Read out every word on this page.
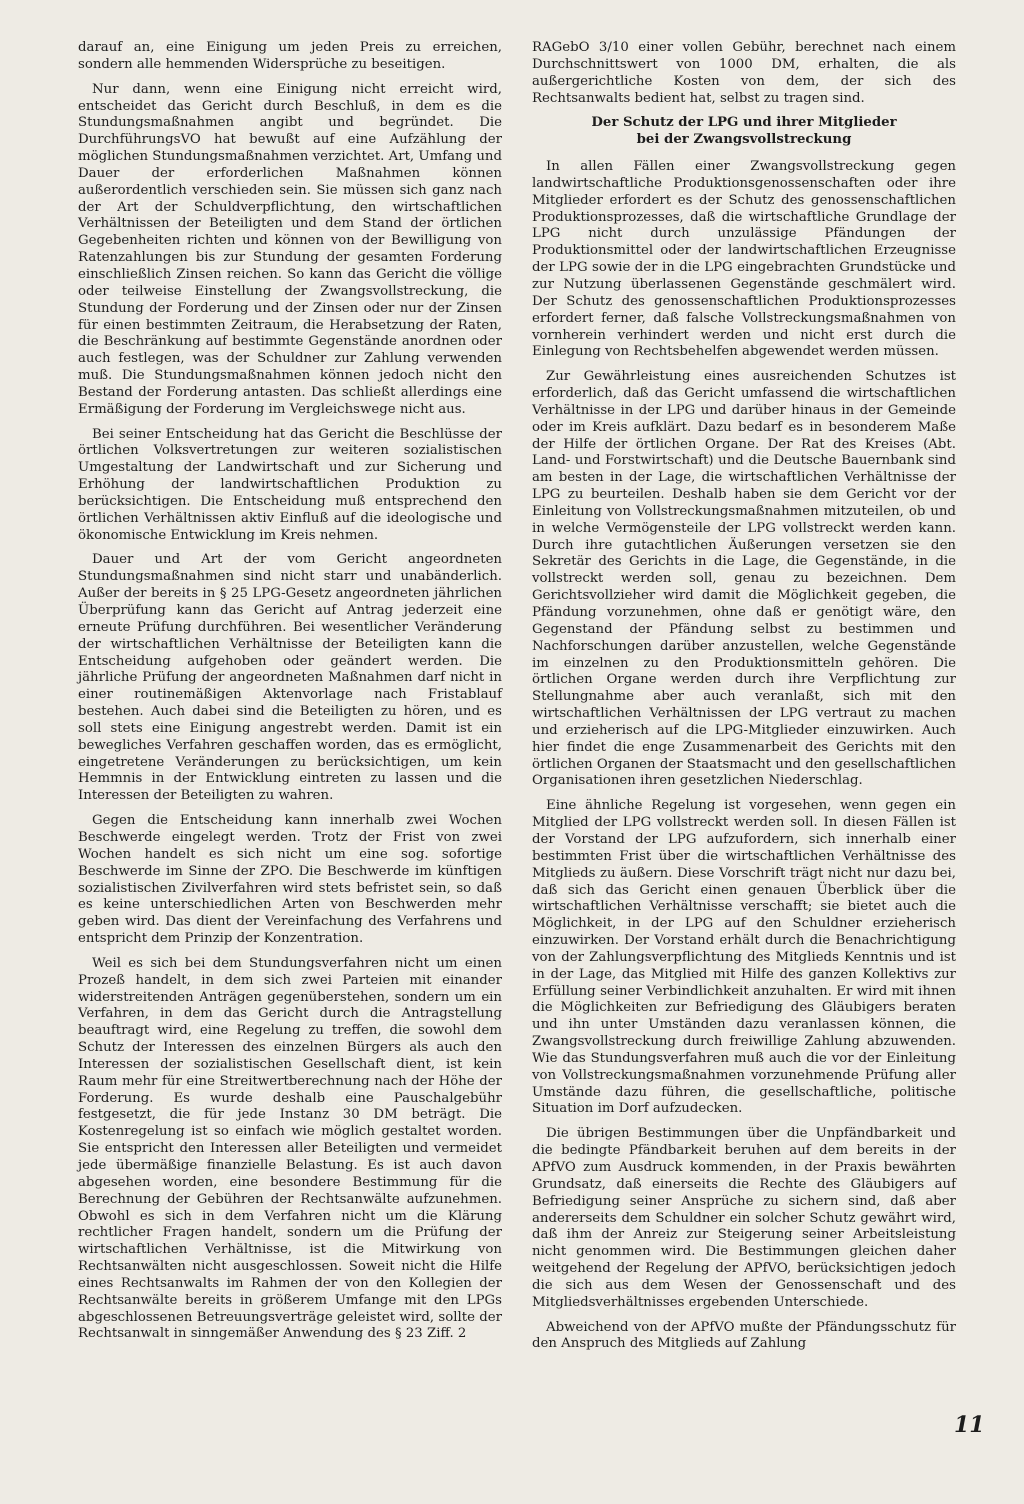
darauf an, eine Einigung um jeden Preis zu erreichen, sondern alle hemmenden Widersprüche zu beseitigen.

Nur dann, wenn eine Einigung nicht erreicht wird, entscheidet das Gericht durch Beschluß, in dem es die Stundungsmaßnahmen angibt und begründet. Die DurchführungsVO hat bewußt auf eine Aufzählung der möglichen Stundungsmaßnahmen verzichtet. Art, Umfang und Dauer der erforderlichen Maßnahmen können außerordentlich verschieden sein. Sie müssen sich ganz nach der Art der Schuldverpflichtung, den wirtschaftlichen Verhältnissen der Beteiligten und dem Stand der örtlichen Gegebenheiten richten und können von der Bewilligung von Ratenzahlungen bis zur Stundung der gesamten Forderung einschließlich Zinsen reichen. So kann das Gericht die völlige oder teilweise Einstellung der Zwangsvollstreckung, die Stundung der Forderung und der Zinsen oder nur der Zinsen für einen bestimmten Zeitraum, die Herabsetzung der Raten, die Beschränkung auf bestimmte Gegenstände anordnen oder auch festlegen, was der Schuldner zur Zahlung verwenden muß. Die Stundungsmaßnahmen können jedoch nicht den Bestand der Forderung antasten. Das schließt allerdings eine Ermäßigung der Forderung im Vergleichswege nicht aus.

Bei seiner Entscheidung hat das Gericht die Beschlüsse der örtlichen Volksvertretungen zur weiteren sozialistischen Umgestaltung der Landwirtschaft und zur Sicherung und Erhöhung der landwirtschaftlichen Produktion zu berücksichtigen. Die Entscheidung muß entsprechend den örtlichen Verhältnissen aktiv Einfluß auf die ideologische und ökonomische Entwicklung im Kreis nehmen.

Dauer und Art der vom Gericht angeordneten Stundungsmaßnahmen sind nicht starr und unabänderlich. Außer der bereits in § 25 LPG-Gesetz angeordneten jährlichen Überprüfung kann das Gericht auf Antrag jederzeit eine erneute Prüfung durchführen. Bei wesentlicher Veränderung der wirtschaftlichen Verhältnisse der Beteiligten kann die Entscheidung aufgehoben oder geändert werden. Die jährliche Prüfung der angeordneten Maßnahmen darf nicht in einer routinemäßigen Aktenvorlage nach Fristablauf bestehen. Auch dabei sind die Beteiligten zu hören, und es soll stets eine Einigung angestrebt werden. Damit ist ein bewegliches Verfahren geschaffen worden, das es ermöglicht, eingetretene Veränderungen zu berücksichtigen, um kein Hemmnis in der Entwicklung eintreten zu lassen und die Interessen der Beteiligten zu wahren.

Gegen die Entscheidung kann innerhalb zwei Wochen Beschwerde eingelegt werden. Trotz der Frist von zwei Wochen handelt es sich nicht um eine sog. sofortige Beschwerde im Sinne der ZPO. Die Beschwerde im künftigen sozialistischen Zivilverfahren wird stets befristet sein, so daß es keine unterschiedlichen Arten von Beschwerden mehr geben wird. Das dient der Vereinfachung des Verfahrens und entspricht dem Prinzip der Konzentration.

Weil es sich bei dem Stundungsverfahren nicht um einen Prozeß handelt, in dem sich zwei Parteien mit einander widerstreitenden Anträgen gegenüberstehen, sondern um ein Verfahren, in dem das Gericht durch die Antragstellung beauftragt wird, eine Regelung zu treffen, die sowohl dem Schutz der Interessen des einzelnen Bürgers als auch den Interessen der sozialistischen Gesellschaft dient, ist kein Raum mehr für eine Streitwertberechnung nach der Höhe der Forderung. Es wurde deshalb eine Pauschalgebühr festgesetzt, die für jede Instanz 30 DM beträgt. Die Kostenregelung ist so einfach wie möglich gestaltet worden. Sie entspricht den Interessen aller Beteiligten und vermeidet jede übermäßige finanzielle Belastung. Es ist auch davon abgesehen worden, eine besondere Bestimmung für die Berechnung der Gebühren der Rechtsanwälte aufzunehmen. Obwohl es sich in dem Verfahren nicht um die Klärung rechtlicher Fragen handelt, sondern um die Prüfung der wirtschaftlichen Verhältnisse, ist die Mitwirkung von Rechtsanwälten nicht ausgeschlossen. Soweit nicht die Hilfe eines Rechtsanwalts im Rahmen der von den Kollegien der Rechtsanwälte bereits in größerem Umfange mit den LPGs abgeschlossenen Betreuungsverträge geleistet wird, sollte der Rechtsanwalt in sinngemäßer Anwendung des § 23 Ziff. 2

RAGebO 3/10 einer vollen Gebühr, berechnet nach einem Durchschnittswert von 1000 DM, erhalten, die als außergerichtliche Kosten von dem, der sich des Rechtsanwalts bedient hat, selbst zu tragen sind.

Der Schutz der LPG und ihrer Mitglieder
bei der Zwangsvollstreckung

In allen Fällen einer Zwangsvollstreckung gegen landwirtschaftliche Produktionsgenossenschaften oder ihre Mitglieder erfordert es der Schutz des genossenschaftlichen Produktionsprozesses, daß die wirtschaftliche Grundlage der LPG nicht durch unzulässige Pfändungen der Produktionsmittel oder der landwirtschaftlichen Erzeugnisse der LPG sowie der in die LPG eingebrachten Grundstücke und zur Nutzung überlassenen Gegenstände geschmälert wird. Der Schutz des genossenschaftlichen Produktionsprozesses erfordert ferner, daß falsche Vollstreckungsmaßnahmen von vornherein verhindert werden und nicht erst durch die Einlegung von Rechtsbehelfen abgewendet werden müssen.

Zur Gewährleistung eines ausreichenden Schutzes ist erforderlich, daß das Gericht umfassend die wirtschaftlichen Verhältnisse in der LPG und darüber hinaus in der Gemeinde oder im Kreis aufklärt. Dazu bedarf es in besonderem Maße der Hilfe der örtlichen Organe. Der Rat des Kreises (Abt. Land- und Forstwirtschaft) und die Deutsche Bauernbank sind am besten in der Lage, die wirtschaftlichen Verhältnisse der LPG zu beurteilen. Deshalb haben sie dem Gericht vor der Einleitung von Vollstreckungsmaßnahmen mitzuteilen, ob und in welche Vermögensteile der LPG vollstreckt werden kann. Durch ihre gutachtlichen Äußerungen versetzen sie den Sekretär des Gerichts in die Lage, die Gegenstände, in die vollstreckt werden soll, genau zu bezeichnen. Dem Gerichtsvollzieher wird damit die Möglichkeit gegeben, die Pfändung vorzunehmen, ohne daß er genötigt wäre, den Gegenstand der Pfändung selbst zu bestimmen und Nachforschungen darüber anzustellen, welche Gegenstände im einzelnen zu den Produktionsmitteln gehören. Die örtlichen Organe werden durch ihre Verpflichtung zur Stellungnahme aber auch veranlaßt, sich mit den wirtschaftlichen Verhältnissen der LPG vertraut zu machen und erzieherisch auf die LPG-Mitglieder einzuwirken. Auch hier findet die enge Zusammenarbeit des Gerichts mit den örtlichen Organen der Staatsmacht und den gesellschaftlichen Organisationen ihren gesetzlichen Niederschlag.

Eine ähnliche Regelung ist vorgesehen, wenn gegen ein Mitglied der LPG vollstreckt werden soll. In diesen Fällen ist der Vorstand der LPG aufzufordern, sich innerhalb einer bestimmten Frist über die wirtschaftlichen Verhältnisse des Mitglieds zu äußern. Diese Vorschrift trägt nicht nur dazu bei, daß sich das Gericht einen genauen Überblick über die wirtschaftlichen Verhältnisse verschafft; sie bietet auch die Möglichkeit, in der LPG auf den Schuldner erzieherisch einzuwirken. Der Vorstand erhält durch die Benachrichtigung von der Zahlungsverpflichtung des Mitglieds Kenntnis und ist in der Lage, das Mitglied mit Hilfe des ganzen Kollektivs zur Erfüllung seiner Verbindlichkeit anzuhalten. Er wird mit ihnen die Möglichkeiten zur Befriedigung des Gläubigers beraten und ihn unter Umständen dazu veranlassen können, die Zwangsvollstreckung durch freiwillige Zahlung abzuwenden. Wie das Stundungsverfahren muß auch die vor der Einleitung von Vollstreckungsmaßnahmen vorzunehmende Prüfung aller Umstände dazu führen, die gesellschaftliche, politische Situation im Dorf aufzudecken.

Die übrigen Bestimmungen über die Unpfändbarkeit und die bedingte Pfändbarkeit beruhen auf dem bereits in der APfVO zum Ausdruck kommenden, in der Praxis bewährten Grundsatz, daß einerseits die Rechte des Gläubigers auf Befriedigung seiner Ansprüche zu sichern sind, daß aber andererseits dem Schuldner ein solcher Schutz gewährt wird, daß ihm der Anreiz zur Steigerung seiner Arbeitsleistung nicht genommen wird. Die Bestimmungen gleichen daher weitgehend der Regelung der APfVO, berücksichtigen jedoch die sich aus dem Wesen der Genossenschaft und des Mitgliedsverhältnisses ergebenden Unterschiede.

Abweichend von der APfVO mußte der Pfändungsschutz für den Anspruch des Mitglieds auf Zahlung

11
